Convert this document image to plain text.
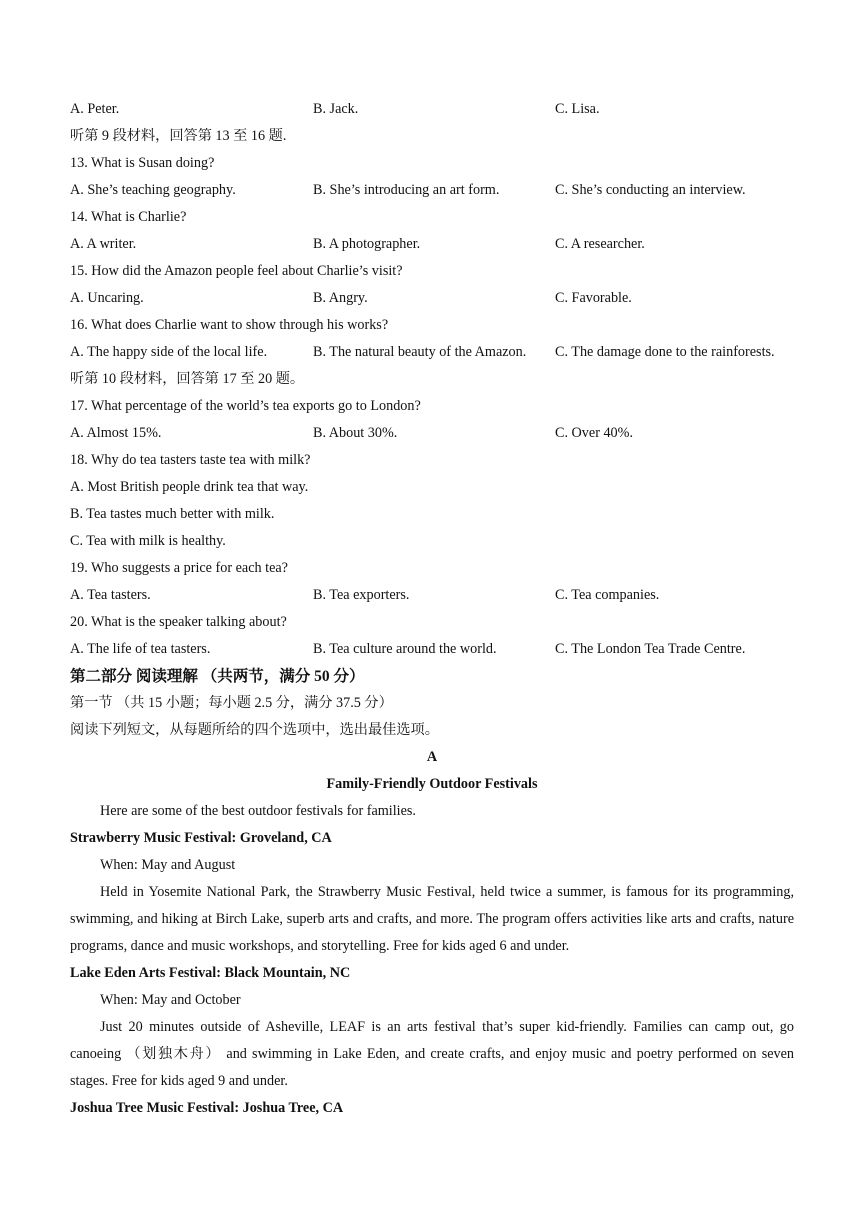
A. Peter.	B. Jack.	C. Lisa.
听第 9 段材料，回答第 13 至 16 题.
13. What is Susan doing?
A. She’s teaching geography.	B. She’s introducing an art form.	C. She’s conducting an interview.
14. What is Charlie?
A. A writer.	B. A photographer.	C. A researcher.
15. How did the Amazon people feel about Charlie’s visit?
A. Uncaring.	B. Angry.	C. Favorable.
16. What does Charlie want to show through his works?
A. The happy side of the local life.	B. The natural beauty of the Amazon. C. The damage done to the rainforests.
听第 10 段材料，回答第 17 至 20 题。
17. What percentage of the world’s tea exports go to London?
A. Almost 15%.	B. About 30%.	C. Over 40%.
18. Why do tea tasters taste tea with milk?
A. Most British people drink tea that way.
B. Tea tastes much better with milk.
C. Tea with milk is healthy.
19. Who suggests a price for each tea?
A. Tea tasters.	B. Tea exporters.	C. Tea companies.
20. What is the speaker talking about?
A. The life of tea tasters.	B. Tea culture around the world.	C. The London Tea Trade Centre.
第二部分 阅读理解 （共两节，满分 50 分）
第一节 （共 15 小题；每小题 2.5 分，满分 37.5 分）
阅读下列短文，从每题所给的四个选项中，选出最佳选项。
A
Family-Friendly Outdoor Festivals
Here are some of the best outdoor festivals for families.
Strawberry Music Festival: Groveland, CA
When: May and August
Held in Yosemite National Park, the Strawberry Music Festival, held twice a summer, is famous for its programming, swimming, and hiking at Birch Lake, superb arts and crafts, and more. The program offers activities like arts and crafts, nature programs, dance and music workshops, and storytelling. Free for kids aged 6 and under.
Lake Eden Arts Festival: Black Mountain, NC
When: May and October
Just 20 minutes outside of Asheville, LEAF is an arts festival that’s super kid-friendly. Families can camp out, go canoeing （划独木舟） and swimming in Lake Eden, and create crafts, and enjoy music and poetry performed on seven stages. Free for kids aged 9 and under.
Joshua Tree Music Festival: Joshua Tree, CA
